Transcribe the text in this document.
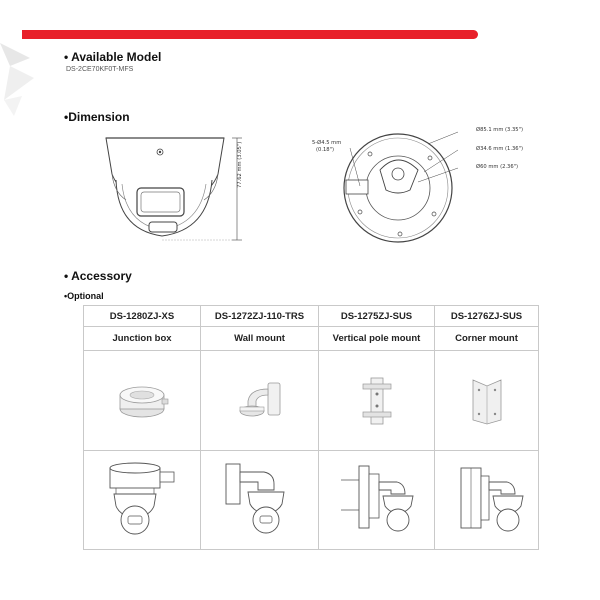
• Available Model
DS-2CE70KF0T-MFS
•Dimension
77.62 mm (3.05")	5-Ø4.5 mm
(0.18")
Ø85.1 mm (3.35")
Ø34.6 mm (1.36")
Ø60 mm (2.36")
• Accessory
•Optional
DS-1280ZJ-XS	DS-1272ZJ-110-TRS	DS-1275ZJ-SUS	DS-1276ZJ-SUS
Junction box	Wall mount	Vertical pole mount	Corner mount
